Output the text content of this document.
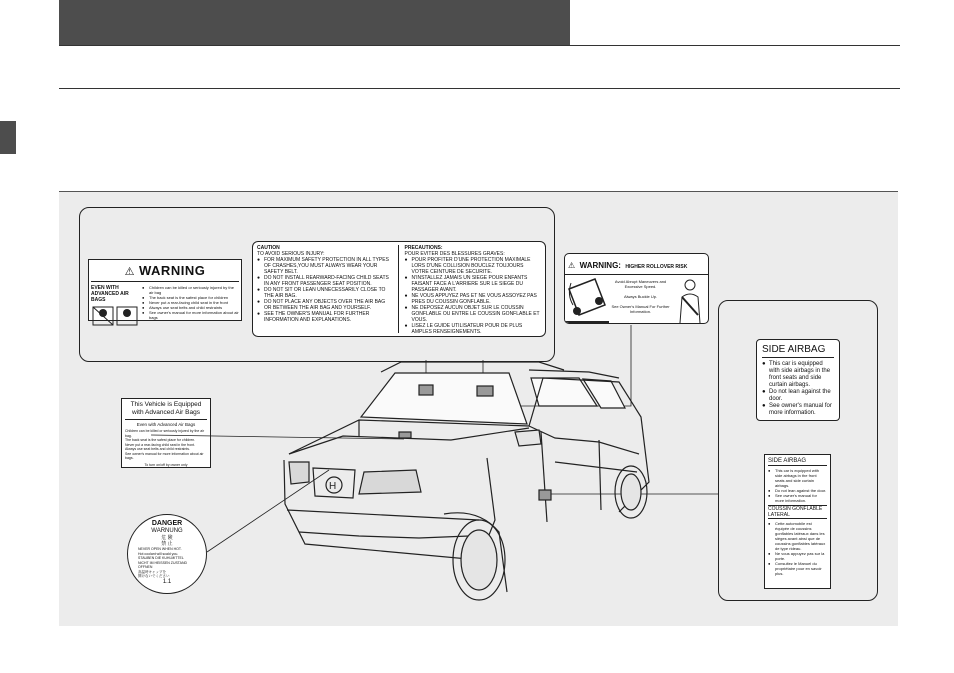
⚠ WARNING
EVEN WITH ADVANCED AIR BAGS
● Children can be killed or seriously injured by the air bag
● The back seat is the safest place for children
● Never put a rear-facing child seat in the front
● Always use seat belts and child restraints
● See owner's manual for more information about air bags
CAUTION
TO AVOID SERIOUS INJURY:
● FOR MAXIMUM SAFETY PROTECTION IN ALL TYPES OF CRASHES,YOU MUST ALWAYS WEAR YOUR SAFETY BELT.
● DO NOT INSTALL REARWARD-FACING CHILD SEATS IN ANY FRONT PASSENGER SEAT POSITION.
● DO NOT SIT OR LEAN UNNECESSARILY CLOSE TO THE AIR BAG.
● DO NOT PLACE ANY OBJECTS OVER THE AIR BAG OR BETWEEN THE AIR BAG AND YOURSELF.
● SEE THE OWNER'S MANUAL FOR FURTHER INFORMATION AND EXPLANATIONS.
PRECAUTIONS:
POUR EVITER DES BLESSURES GRAVES:
● POUR PROFITER D'UNE PROTECTION MAXIMALE LORS D'UNE COLLISION BOUCLEZ TOUJOURS VOTRE CEINTURE DE SECURITE.
● N'INSTALLEZ JAMAIS UN SIEGE POUR ENFANTS FAISANT FACE A L'ARRIERE SUR LE SIEGE DU PASSAGER AVANT.
● NE VOUS APPUYEZ PAS ET NE VOUS ASSOYEZ PAS PRES DU COUSSIN GONFLABLE.
● NE DEPOSEZ AUCUN OBJET SUR LE COUSSIN GONFLABLE OU ENTRE LE COUSSIN GONFLABLE ET VOUS.
● LISEZ LE GUIDE UTILISATEUR POUR DE PLUS AMPLES RENSEIGNEMENTS.
⚠ WARNING: HIGHER ROLLOVER RISK
Avoid Abrupt Maneuvers and Excessive Speed.
Always Buckle Up.
See Owner's Manual For Further Information.
SIDE AIRBAG
● This car is equipped with side airbags in the front seats and side curtain airbags.
● Do not lean against the door.
● See owner's manual for more information.
SIDE AIRBAG
● This car is equipped with side airbags in the front seats and side curtain airbags.
● Do not lean against the door.
● See owner's manual for more information.
COUSSIN GONFLABLE LATERAL
● Cette automobile est équipée de coussins gonflables latéraux dans les sièges avant ainsi que de coussins gonflables latéraux de type rideau.
● Ne vous appuyez pas sur la porte.
● Consultez le Manuel du propriétaire pour en savoir plus.
This Vehicle is Equipped with Advanced Air Bags
Even with Advanced Air Bags
Children can be killed or seriously injured by the air bag.
The back seat is the safest place for children.
Never put a rear-facing child seat in the front.
Always use seat belts and child restraints.
See owner's manual for more information about air bags.
To turn on/off by owner only
DANGER
WARNUNG
危 険
禁 止
NEVER OPEN WHEN HOT.
Hot coolant will scald you.
STAUBEN DIE KUHLMITTEL
NICHT IM HEISSEN ZUSTAND OFFNEN
高温時キャップを
開けないでください
1.1
H
